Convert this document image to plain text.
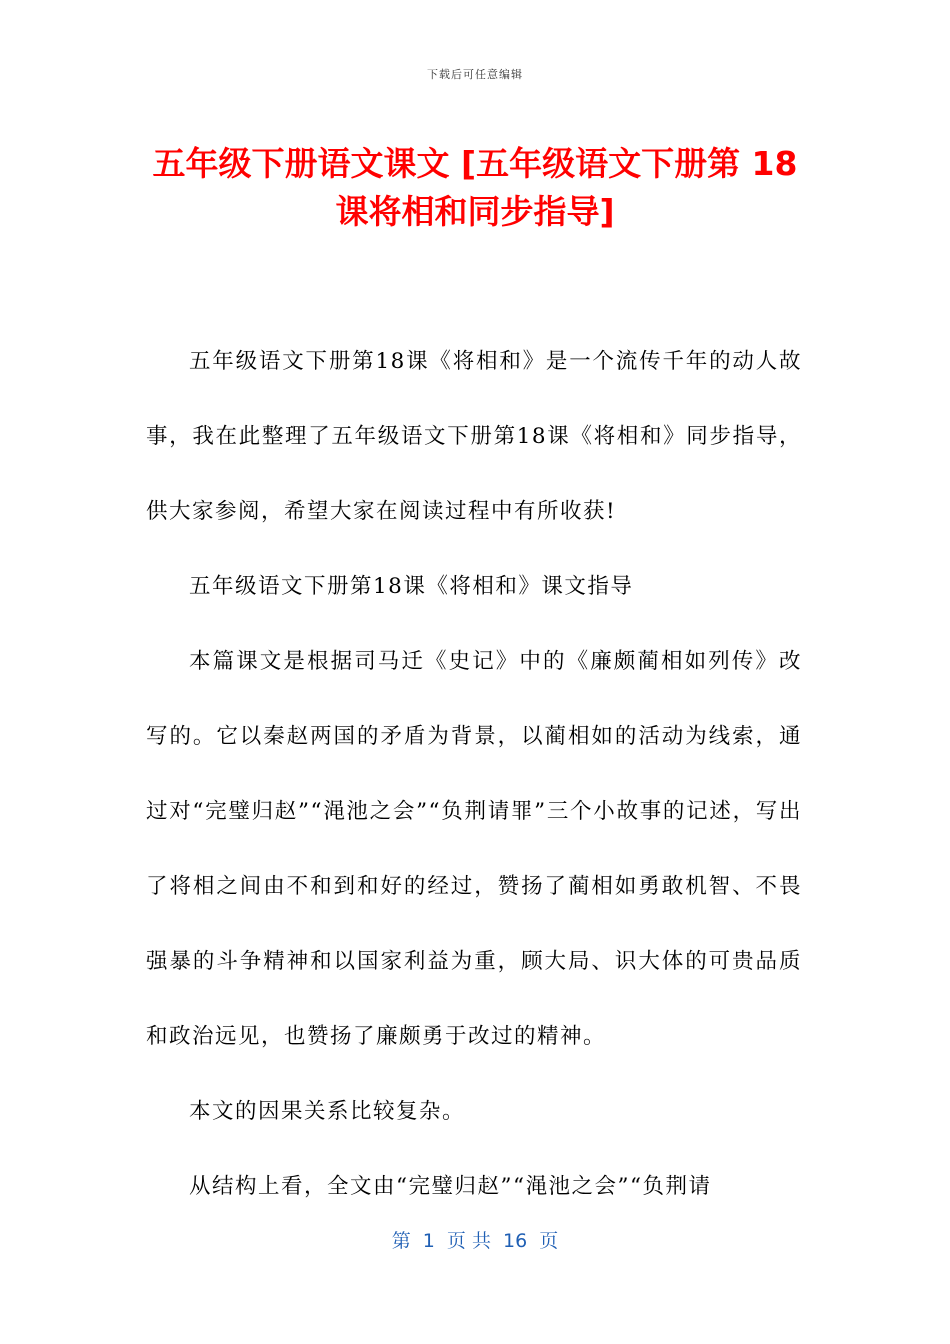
下载后可任意编辑
五年级下册语文课文 [五年级语文下册第 18 课将相和同步指导]

五年级语文下册第18课《将相和》是一个流传千年的动人故事，我在此整理了五年级语文下册第18课《将相和》同步指导，供大家参阅，希望大家在阅读过程中有所收获!

五年级语文下册第18课《将相和》课文指导

本篇课文是根据司马迁《史记》中的《廉颇蔺相如列传》改写的。它以秦赵两国的矛盾为背景，以蔺相如的活动为线索，通过对“完璧归赵”“渑池之会”“负荆请罪”三个小故事的记述，写出了将相之间由不和到和好的经过，赞扬了蔺相如勇敢机智、不畏强暴的斗争精神和以国家利益为重，顾大局、识大体的可贵品质和政治远见，也赞扬了廉颇勇于改过的精神。

本文的因果关系比较复杂。

从结构上看，全文由“完璧归赵”“渑池之会”“负荆请

第  1  页 共  16  页
